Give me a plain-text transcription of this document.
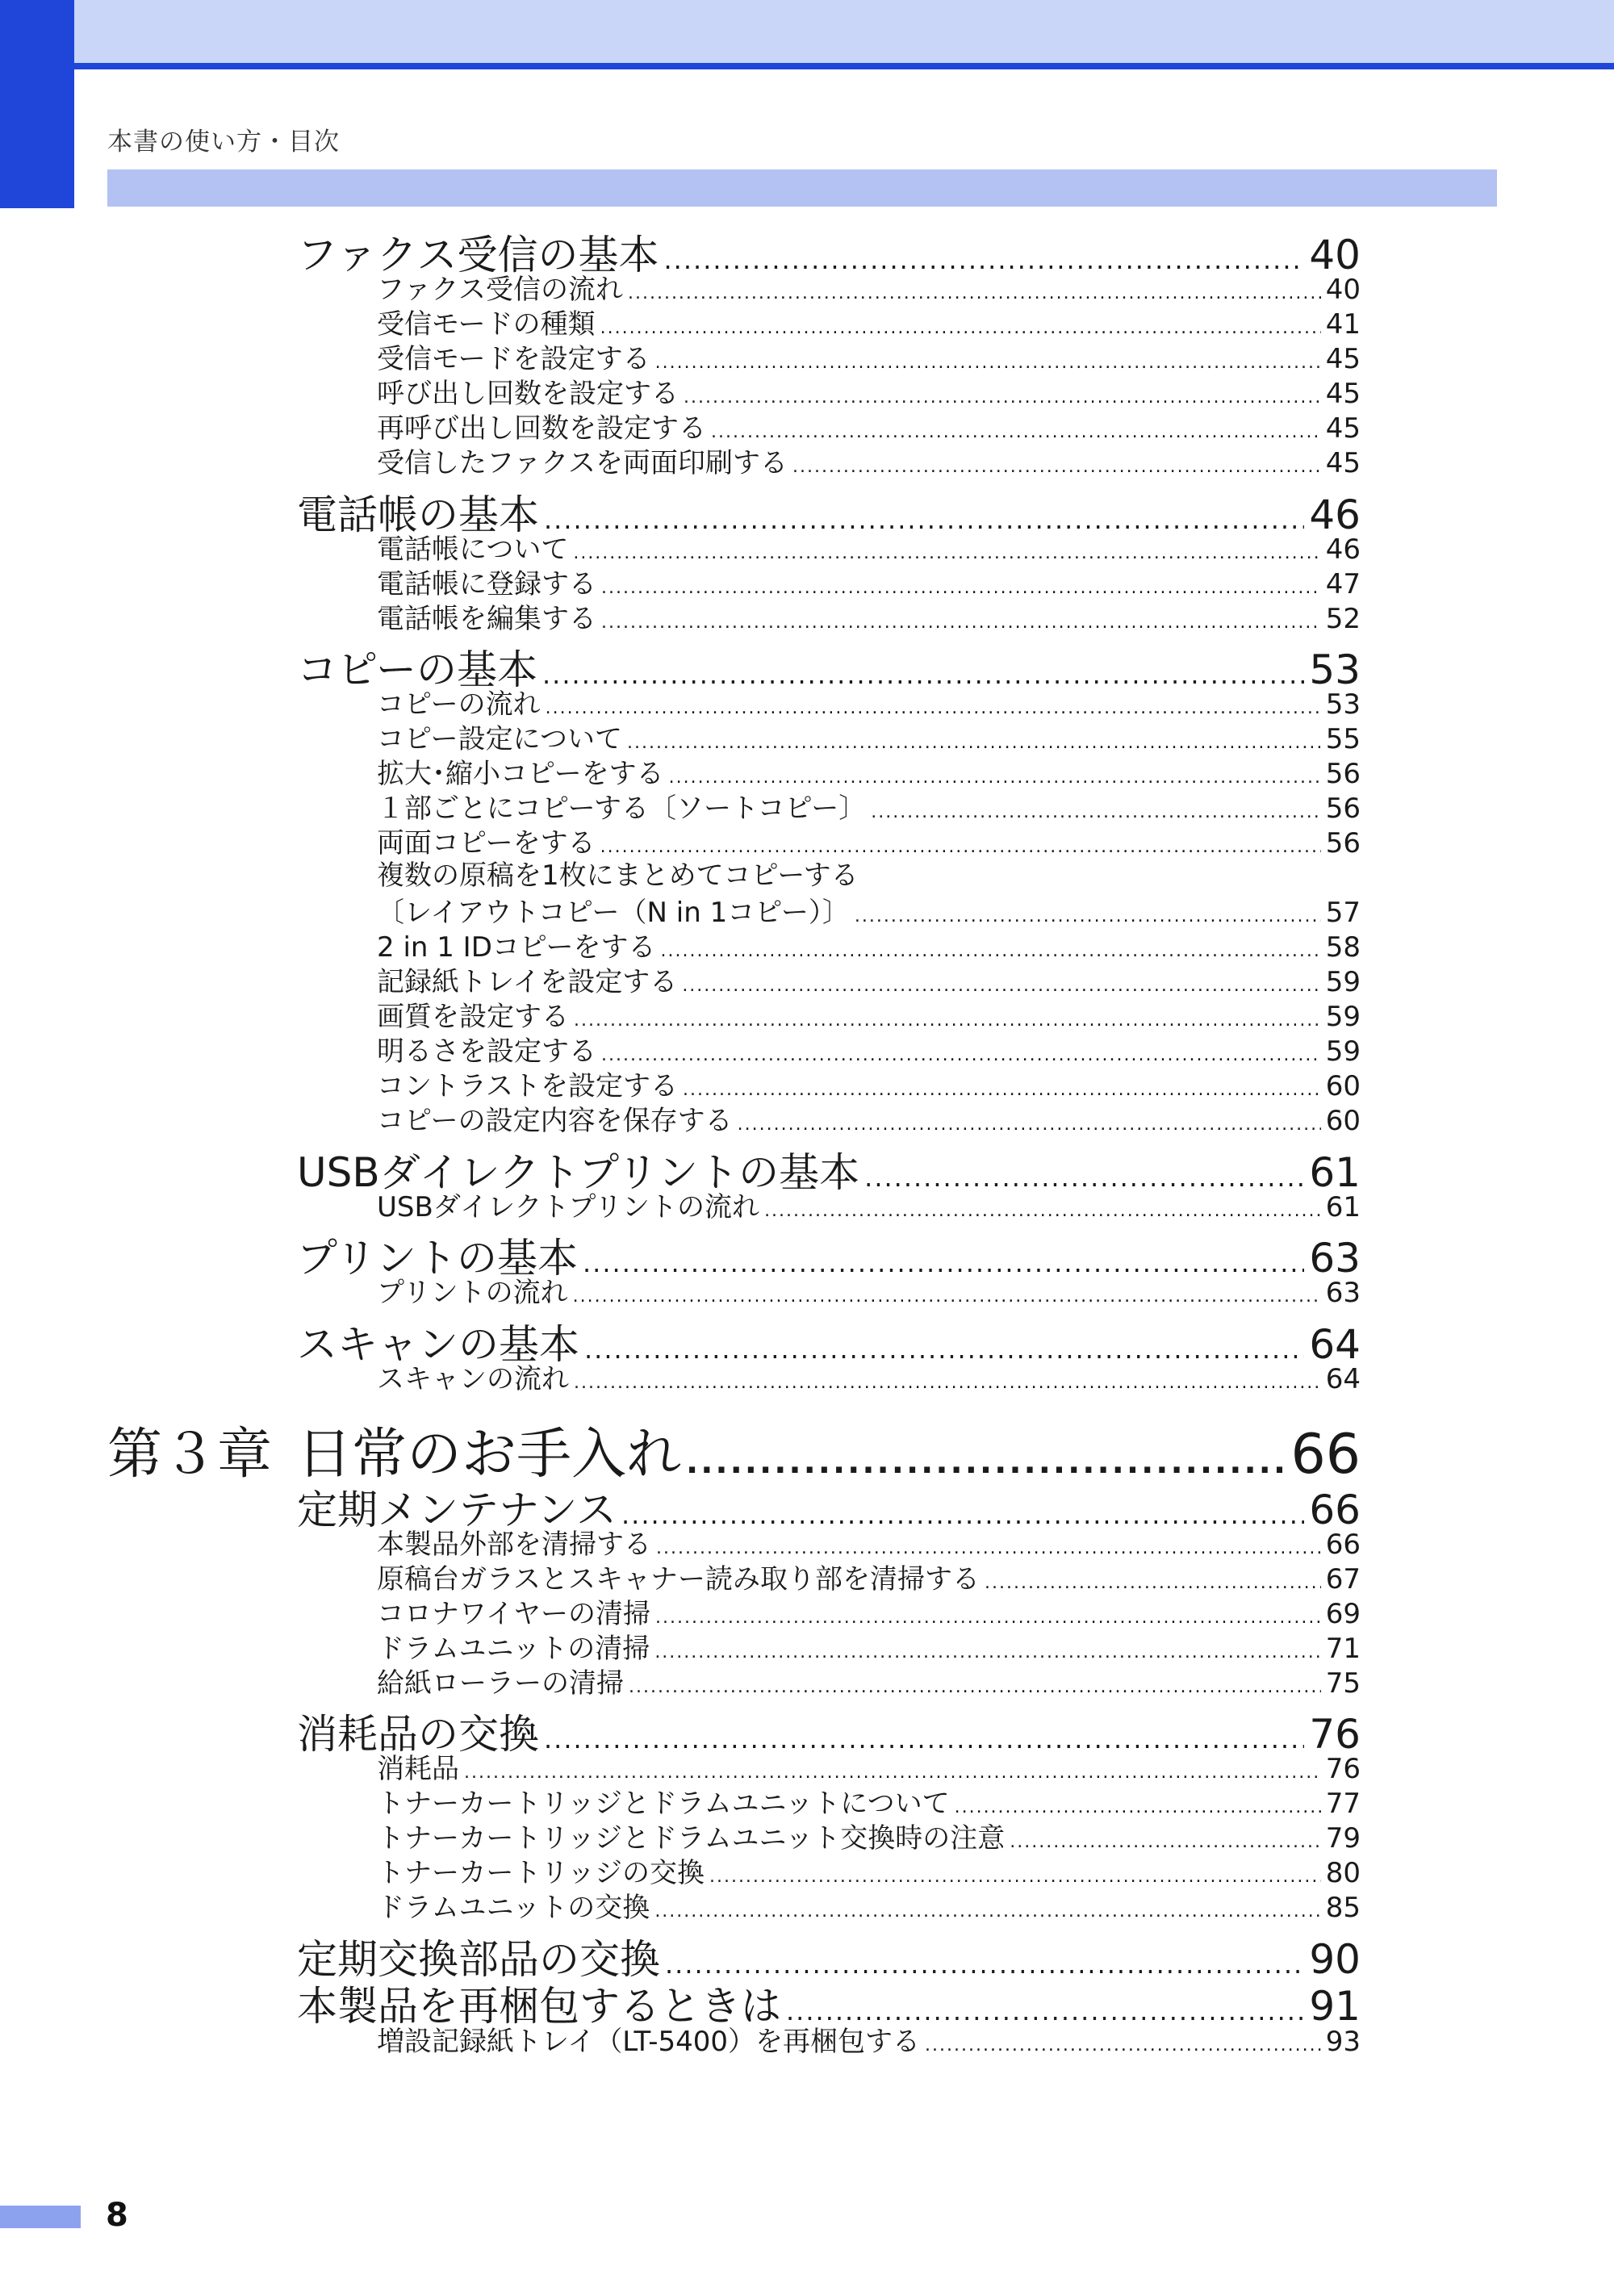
本書の使い方・目次
ファクス受信の基本 .....	40
ファクス受信の流れ .....	40
受信モードの種類 .....	41
受信モードを設定する .....	45
呼び出し回数を設定する .....	45
再呼び出し回数を設定する .....	45
受信したファクスを両面印刷する .....	45
電話帳の基本 .....	46
電話帳について .....	46
電話帳に登録する .....	47
電話帳を編集する .....	52
コピーの基本 .....	53
コピーの流れ .....	53
コピー設定について .....	55
拡大･縮小コピーをする .....	56
１部ごとにコピーする〔ソートコピー〕 .....	56
両面コピーをする .....	56
複数の原稿を1枚にまとめてコピーする
〔レイアウトコピー（N in 1コピー）〕 .....	57
2 in 1 IDコピーをする .....	58
記録紙トレイを設定する .....	59
画質を設定する .....	59
明るさを設定する .....	59
コントラストを設定する .....	60
コピーの設定内容を保存する .....	60
USBダイレクトプリントの基本 .....	61
USBダイレクトプリントの流れ .....	61
プリントの基本 .....	63
プリントの流れ .....	63
スキャンの基本 .....	64
スキャンの流れ .....	64
第３章 日常のお手入れ .....	66
定期メンテナンス .....	66
本製品外部を清掃する .....	66
原稿台ガラスとスキャナー読み取り部を清掃する .....	67
コロナワイヤーの清掃 .....	69
ドラムユニットの清掃 .....	71
給紙ローラーの清掃 .....	75
消耗品の交換 .....	76
消耗品 .....	76
トナーカートリッジとドラムユニットについて .....	77
トナーカートリッジとドラムユニット交換時の注意 .....	79
トナーカートリッジの交換 .....	80
ドラムユニットの交換 .....	85
定期交換部品の交換 .....	90
本製品を再梱包するときは .....	91
増設記録紙トレイ（LT-5400）を再梱包する .....	93
8
